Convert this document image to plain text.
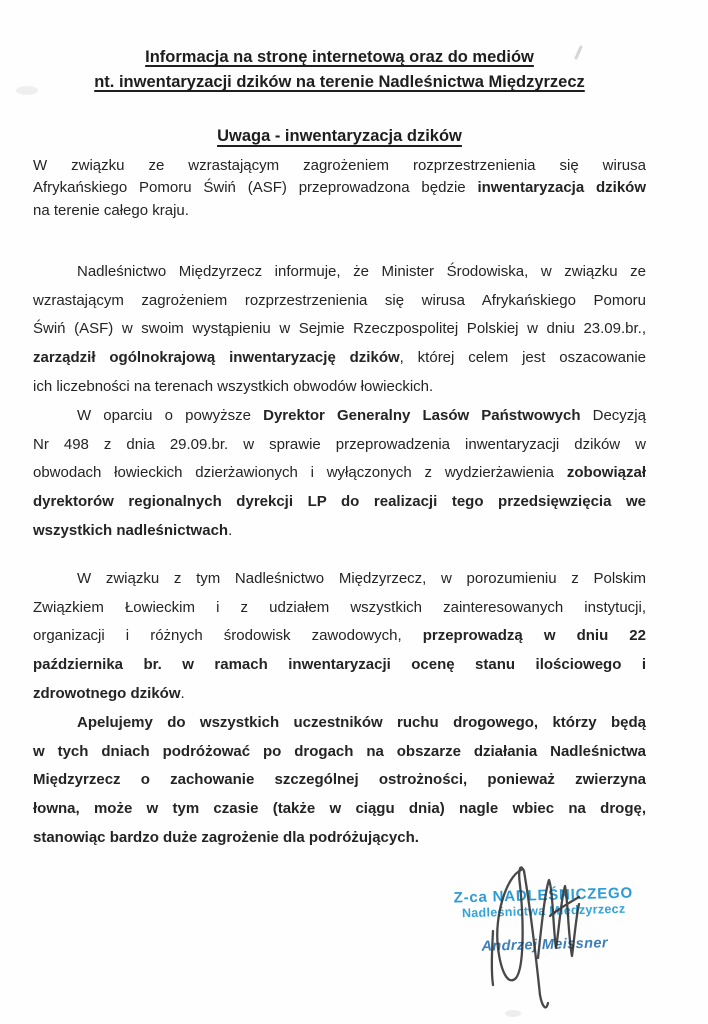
Informacja na stronę internetową oraz do mediów
nt. inwentaryzacji dzików na terenie Nadleśnictwa Międzyrzecz
Uwaga - inwentaryzacja dzików
W związku ze wzrastającym zagrożeniem rozprzestrzenienia się wirusa
Afrykańskiego Pomoru Świń (ASF) przeprowadzona będzie inwentaryzacja dzików
na terenie całego kraju.
Nadleśnictwo Międzyrzecz informuje, że Minister Środowiska, w związku ze
wzrastającym zagrożeniem rozprzestrzenienia się wirusa Afrykańskiego Pomoru
Świń (ASF) w swoim wystąpieniu w Sejmie Rzeczpospolitej Polskiej w dniu 23.09.br.,
zarządził ogólnokrajową inwentaryzację dzików, której celem jest oszacowanie
ich liczebności na terenach wszystkich obwodów łowieckich.
W oparciu o powyższe Dyrektor Generalny Lasów Państwowych Decyzją
Nr 498 z dnia 29.09.br. w sprawie przeprowadzenia inwentaryzacji dzików w
obwodach łowieckich dzierżawionych i wyłączonych z wydzierżawienia zobowiązał
dyrektorów regionalnych dyrekcji LP do realizacji tego przedsięwzięcia we
wszystkich nadleśnictwach.
W związku z tym Nadleśnictwo Międzyrzecz, w porozumieniu z Polskim
Związkiem Łowieckim i z udziałem wszystkich zainteresowanych instytucji,
organizacji i różnych środowisk zawodowych, przeprowadzą w dniu 22
października br. w ramach inwentaryzacji ocenę stanu ilościowego i
zdrowotnego dzików.
Apelujemy do wszystkich uczestników ruchu drogowego, którzy będą
w tych dniach podróżować po drogach na obszarze działania Nadleśnictwa
Międzyrzecz o zachowanie szczególnej ostrożności, ponieważ zwierzyna
łowna, może w tym czasie (także w ciągu dnia) nagle wbiec na drogę,
stanowiąc bardzo duże zagrożenie dla podróżujących.
Z-ca NADLEŚNICZEGO
Nadleśnictwa Międzyrzecz
Andrzej Meissner
